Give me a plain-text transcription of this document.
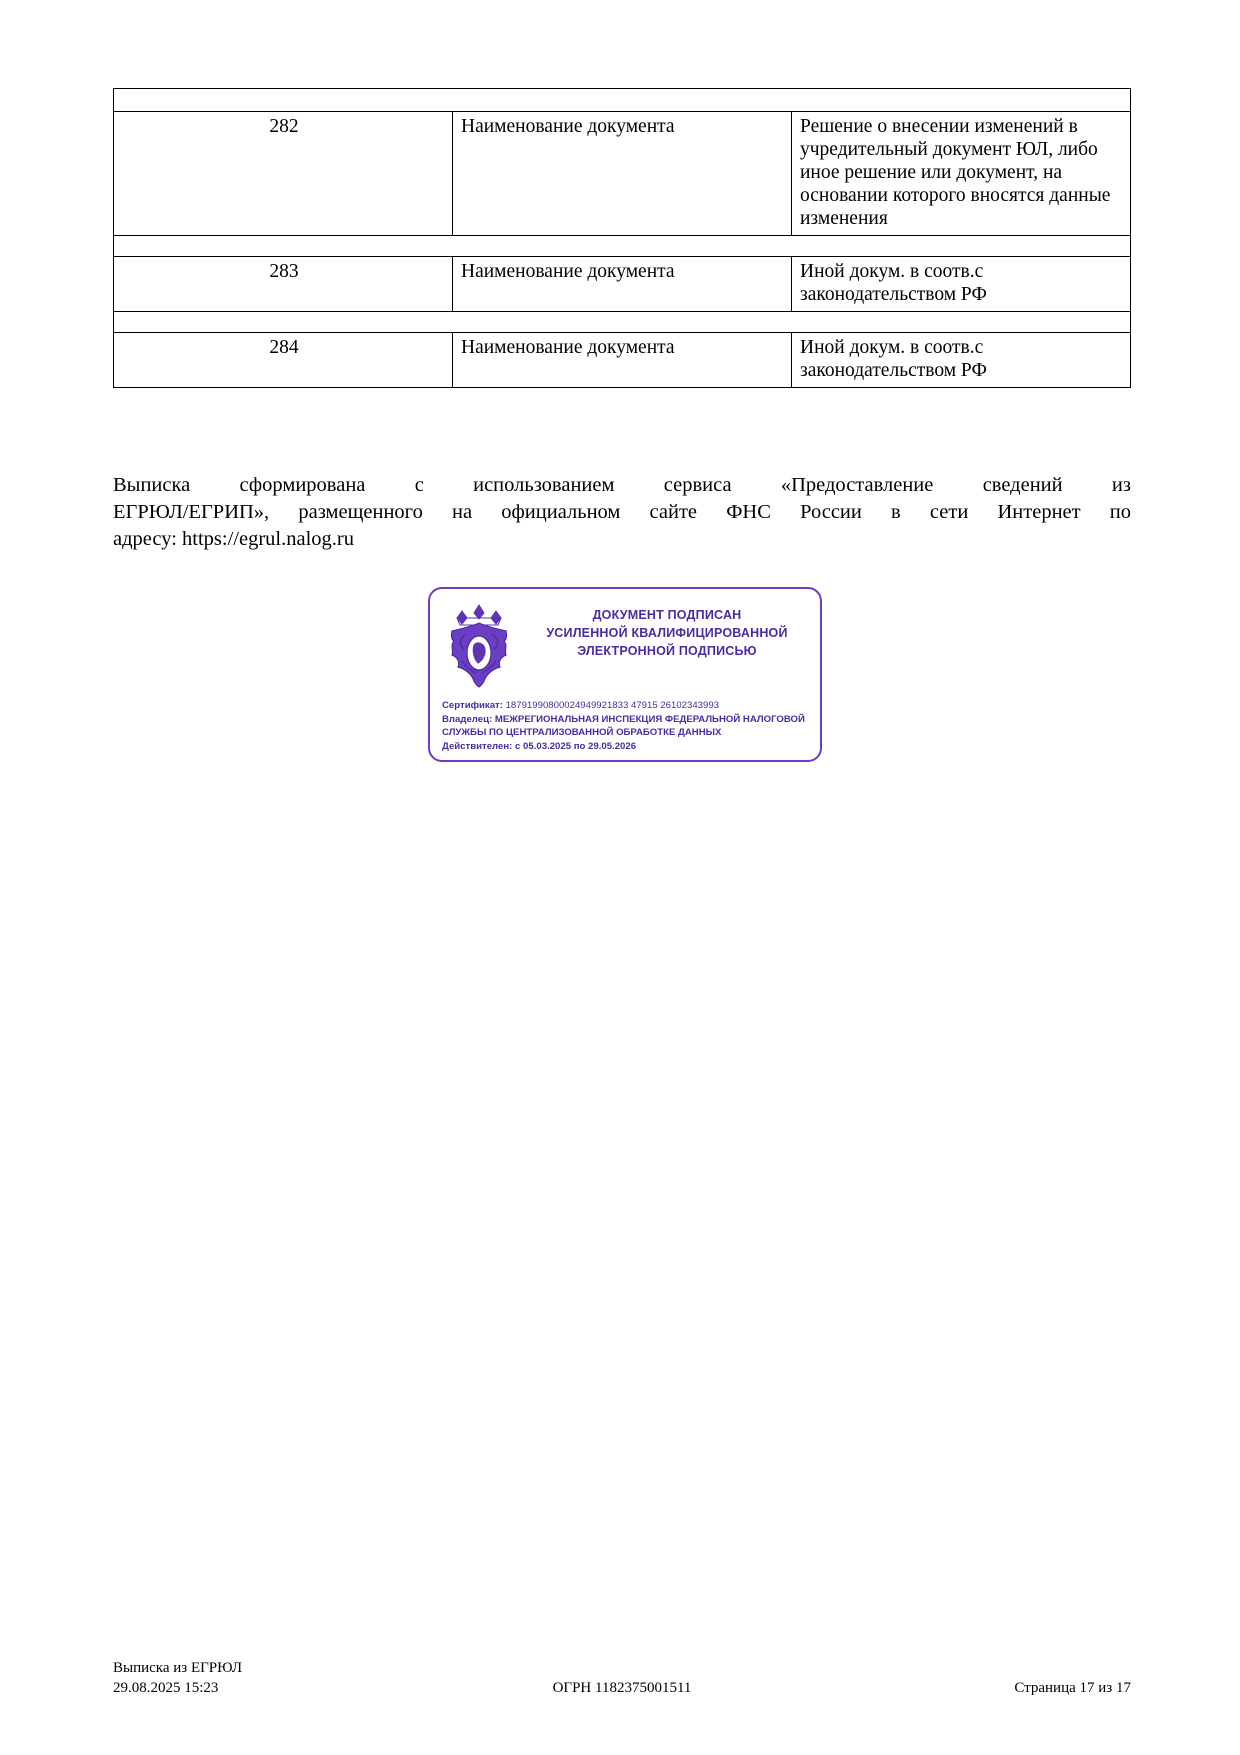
282	Наименование документа	Решение о внесении изменений в учредительный документ ЮЛ, либо иное решение или документ, на основании которого вносятся данные изменения

283	Наименование документа	Иной докум. в соотв.с законодательством РФ

284	Наименование документа	Иной докум. в соотв.с законодательством РФ
Выписка сформирована с использованием сервиса «Предоставление сведений из
ЕГРЮЛ/ЕГРИП», размещенного на официальном сайте ФНС России в сети Интернет по
адресу: https://egrul.nalog.ru
ДОКУМЕНТ ПОДПИСАН
УСИЛЕННОЙ КВАЛИФИЦИРОВАННОЙ
ЭЛЕКТРОННОЙ ПОДПИСЬЮ
Сертификат: 18791990800024949921833 47915 26102343993
Владелец: МЕЖРЕГИОНАЛЬНАЯ ИНСПЕКЦИЯ ФЕДЕРАЛЬНОЙ НАЛОГОВОЙ СЛУЖБЫ ПО ЦЕНТРАЛИЗОВАННОЙ ОБРАБОТКЕ ДАННЫХ
Действителен: с 05.03.2025 по 29.05.2026
Выписка из ЕГРЮЛ
29.08.2025 15:23	ОГРН 1182375001511	Страница 17 из 17
